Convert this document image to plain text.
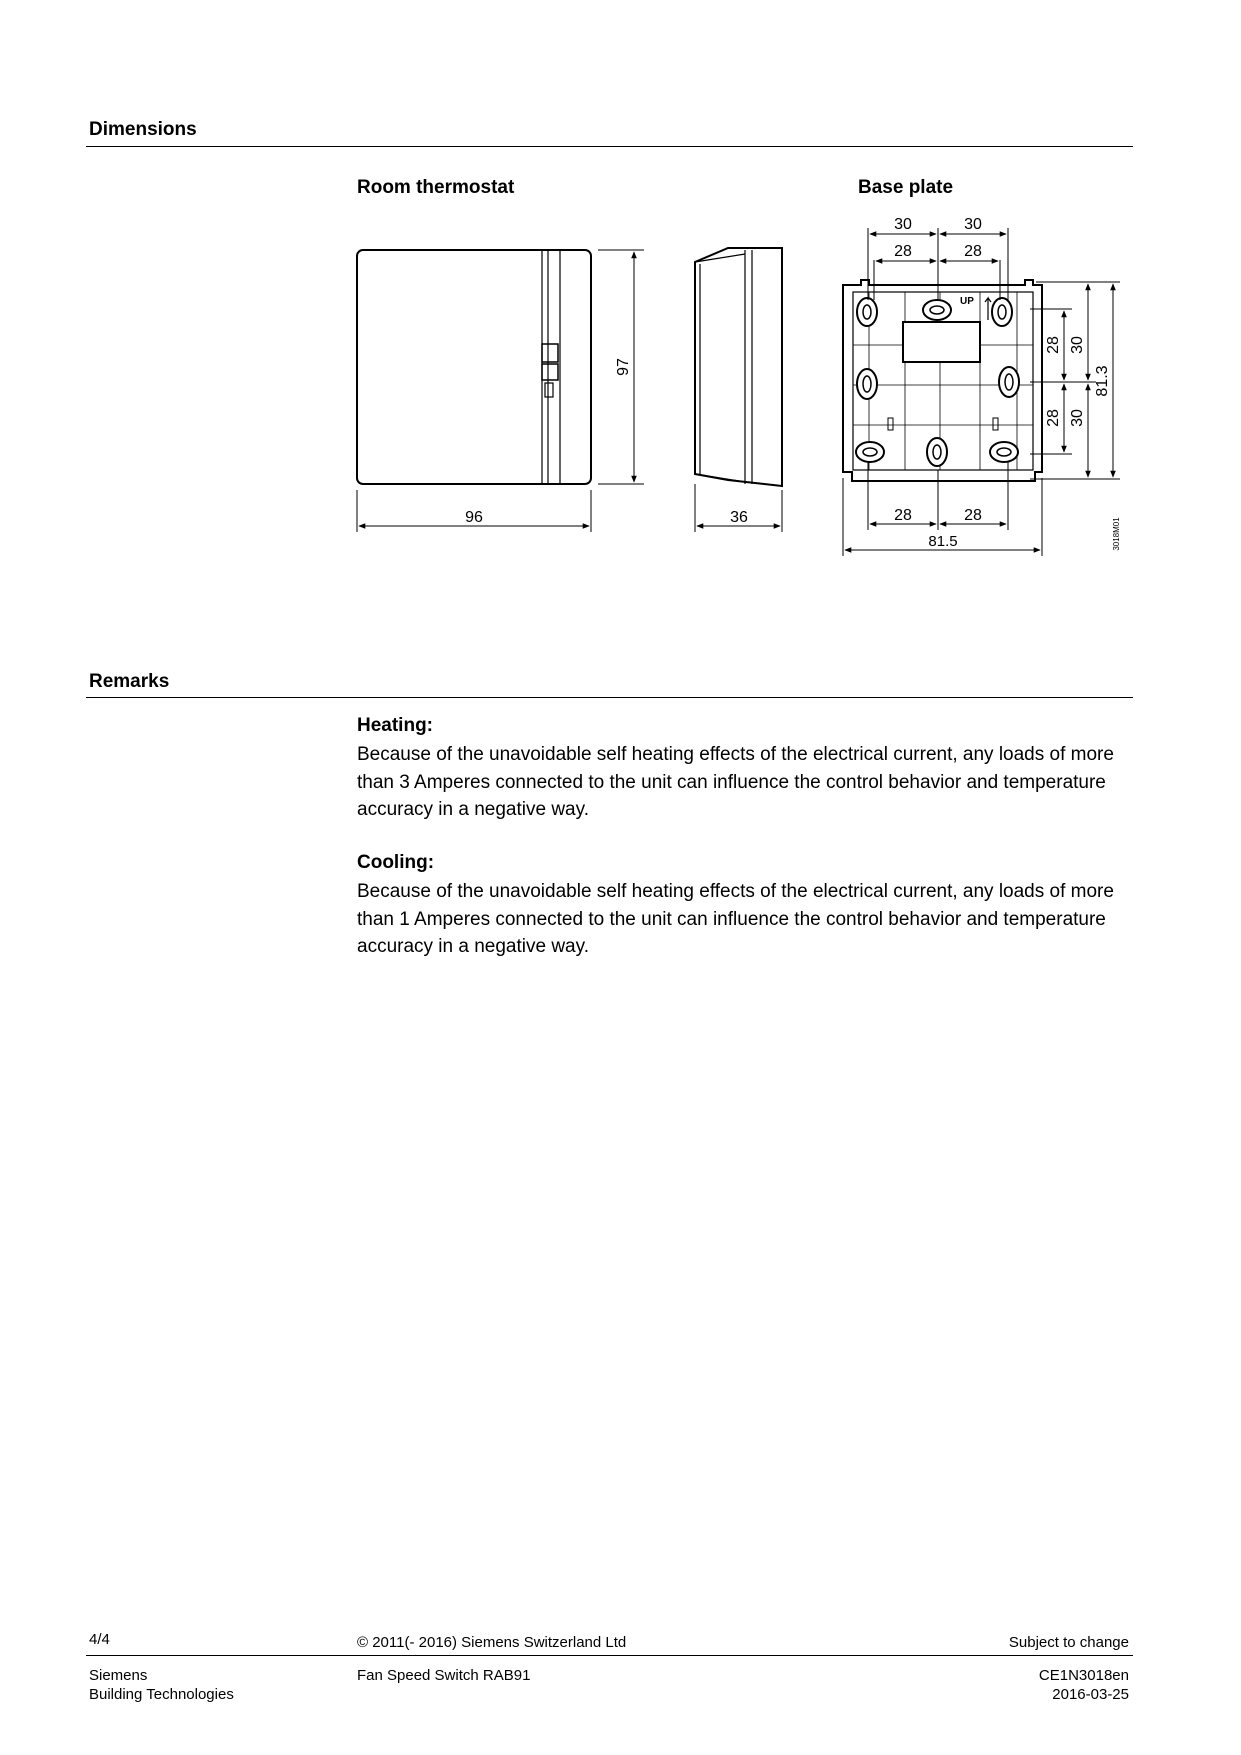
Dimensions
Room thermostat	Base plate
96
97
36
UP
30	30
28	28
28 30
28 30
81.3
28	28
81.5	3018M01
Remarks
Heating:
Because of the unavoidable self heating effects of the electrical current, any loads of more than 3 Amperes connected to the unit can influence the control behavior and temperature accuracy in a negative way.
Cooling:
Because of the unavoidable self heating effects of the electrical current, any loads of more than 1 Amperes connected to the unit can influence the control behavior and temperature accuracy in a negative way.
4/4	© 2011(- 2016) Siemens Switzerland Ltd	Subject to change
Siemens
Building Technologies
Fan Speed Switch RAB91	CE1N3018en
2016-03-25
